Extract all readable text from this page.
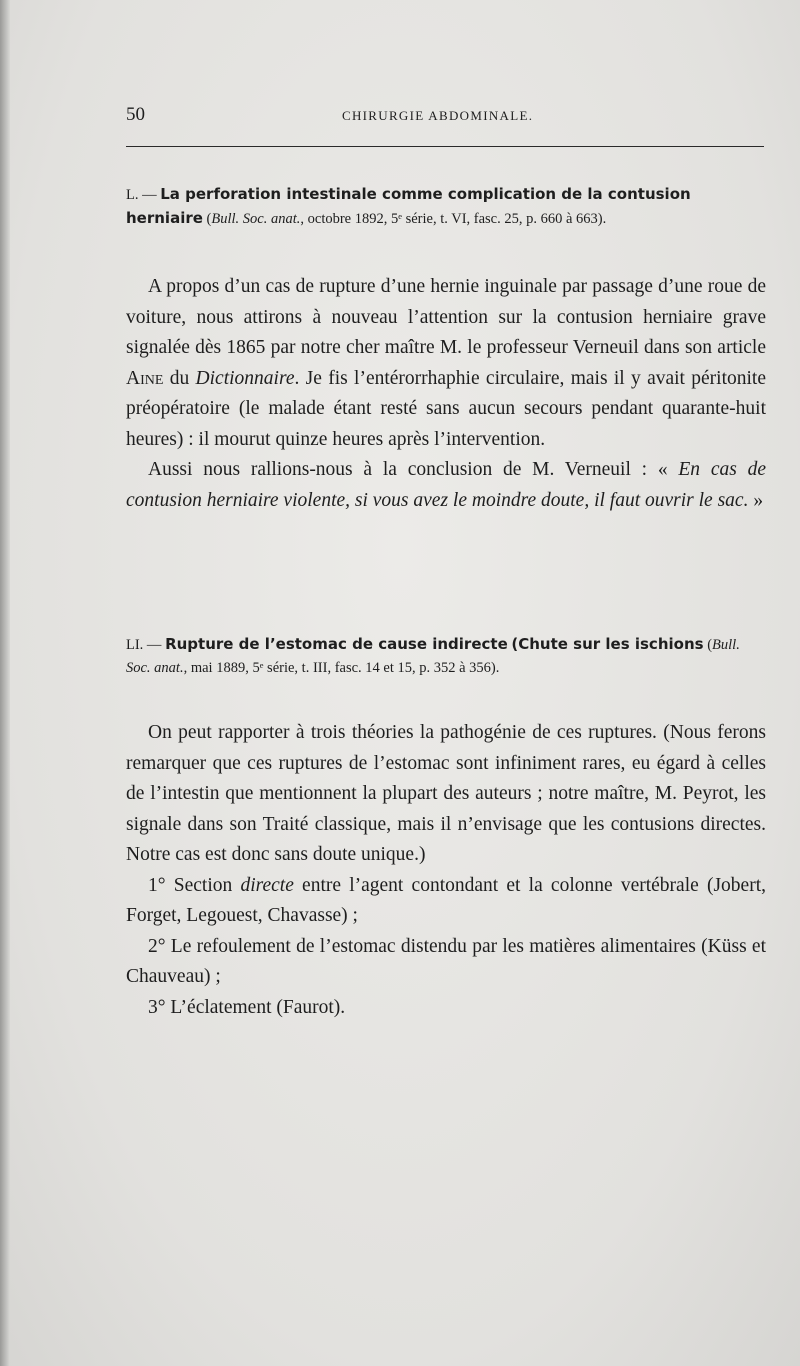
50	CHIRURGIE ABDOMINALE.
L. — La perforation intestinale comme complication de la contusion herniaire (Bull. Soc. anat., octobre 1892, 5ᵉ série, t. VI, fasc. 25, p. 660 à 663).

A propos d’un cas de rupture d’une hernie inguinale par passage d’une roue de voiture, nous attirons à nouveau l’attention sur la contusion herniaire grave signalée dès 1865 par notre cher maître M. le professeur Verneuil dans son article Aine du Dictionnaire. Je fis l’entérorrhaphie circulaire, mais il y avait péritonite préopératoire (le malade étant resté sans aucun secours pendant quarante-huit heures) : il mourut quinze heures après l’intervention.

Aussi nous rallions-nous à la conclusion de M. Verneuil : « En cas de contusion herniaire violente, si vous avez le moindre doute, il faut ouvrir le sac. »

LI. — Rupture de l’estomac de cause indirecte (Chute sur les ischions (Bull. Soc. anat., mai 1889, 5ᵉ série, t. III, fasc. 14 et 15, p. 352 à 356).

On peut rapporter à trois théories la pathogénie de ces ruptures. (Nous ferons remarquer que ces ruptures de l’estomac sont infiniment rares, eu égard à celles de l’intestin que mentionnent la plupart des auteurs ; notre maître, M. Peyrot, les signale dans son Traité classique, mais il n’envisage que les contusions directes. Notre cas est donc sans doute unique.)

1° Section directe entre l’agent contondant et la colonne vertébrale (Jobert, Forget, Legouest, Chavasse) ;

2° Le refoulement de l’estomac distendu par les matières alimentaires (Küss et Chauveau) ;

3° L’éclatement (Faurot).
